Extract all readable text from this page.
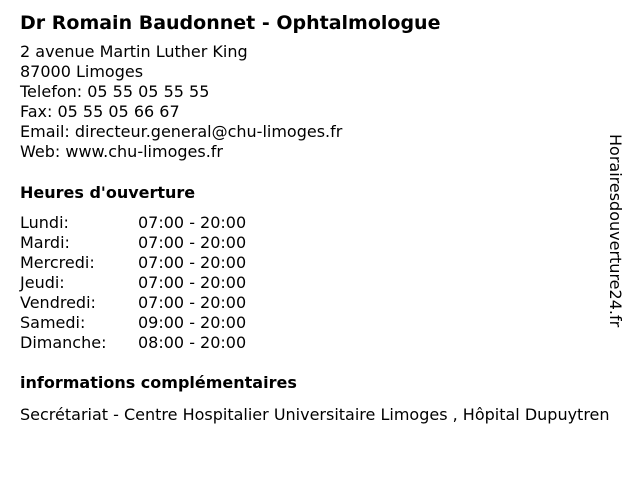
Dr Romain Baudonnet - Ophtalmologue
2 avenue Martin Luther King
87000 Limoges
Telefon: 05 55 05 55 55
Fax: 05 55 05 66 67
Email: directeur.general@chu-limoges.fr
Web: www.chu-limoges.fr
Heures d'ouverture
Lundi:	07:00 - 20:00
Mardi:	07:00 - 20:00
Mercredi:	07:00 - 20:00
Jeudi:	07:00 - 20:00
Vendredi:	07:00 - 20:00
Samedi:	09:00 - 20:00
Dimanche: 08:00 - 20:00
informations complémentaires
Secrétariat - Centre Hospitalier Universitaire Limoges , Hôpital Dupuytren
Horairesdouverture24.fr
